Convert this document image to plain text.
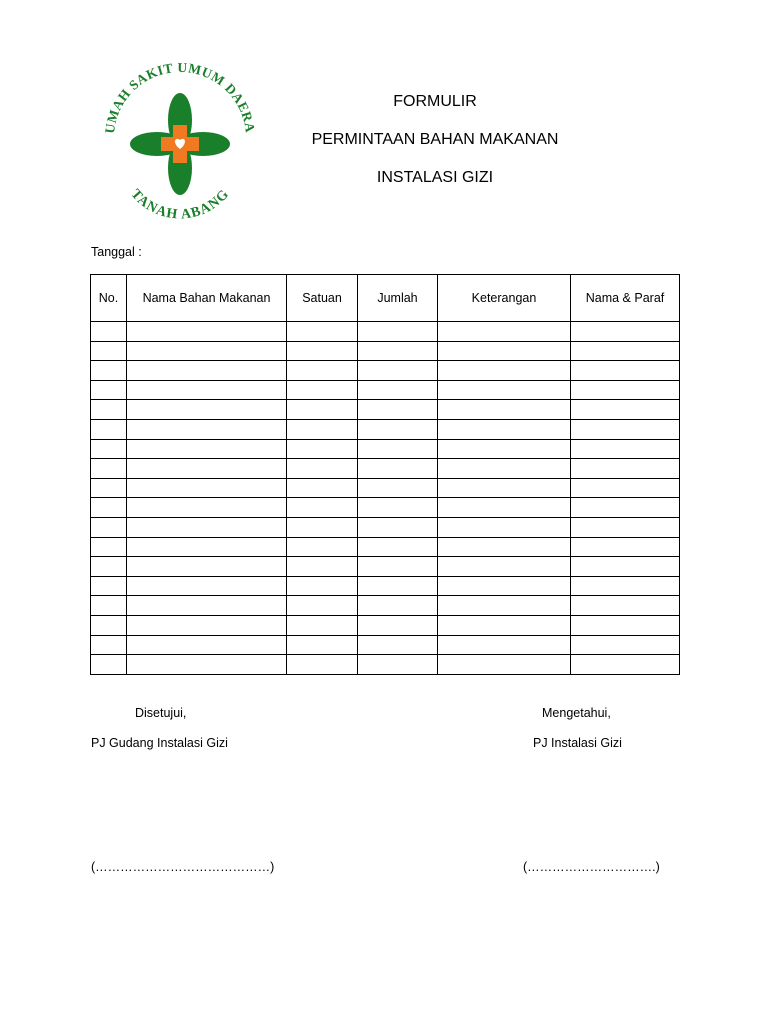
UMAH SAKIT UMUM DAERA
TANAH ABANG
FORMULIR
PERMINTAAN BAHAN MAKANAN
INSTALASI GIZI
Tanggal :
No.	Nama Bahan Makanan	Satuan	Jumlah	Keterangan	Nama & Paraf

Disetujui,
PJ Gudang Instalasi Gizi
(……………………………………)
Mengetahui,
PJ Instalasi Gizi
(………………………….)
